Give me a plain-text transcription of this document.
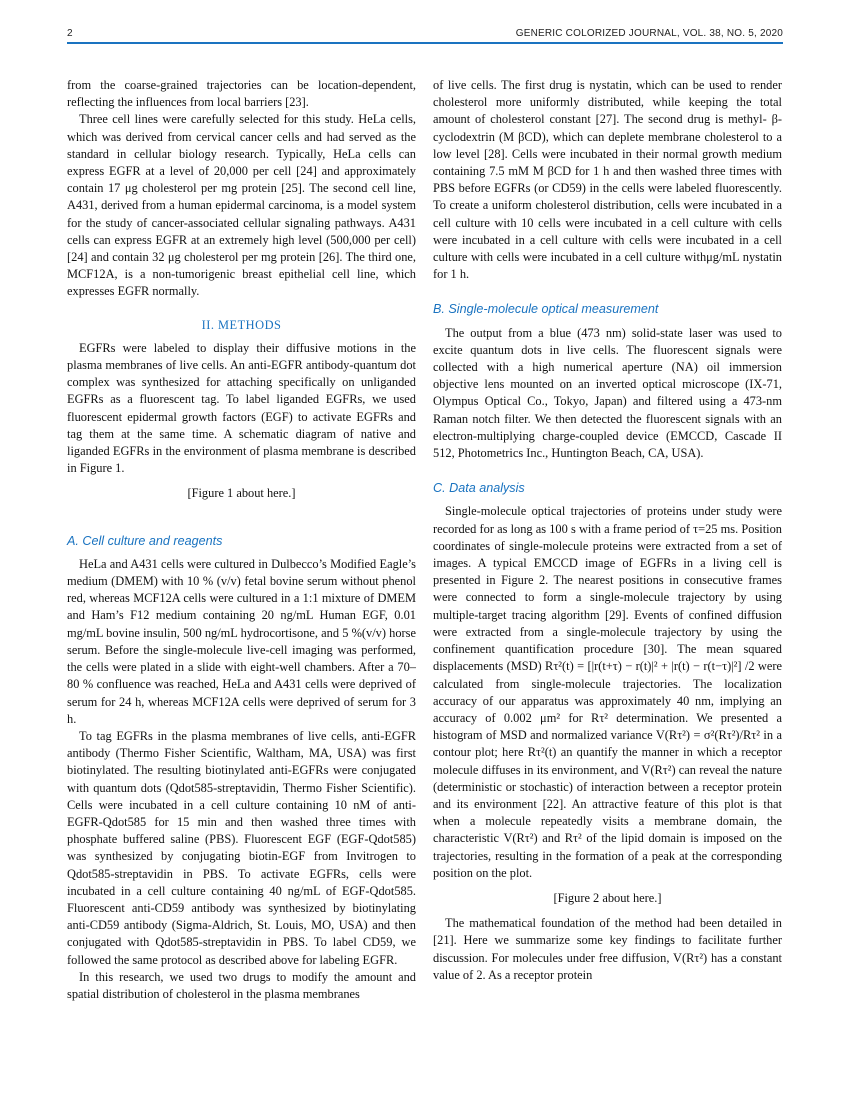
2	GENERIC COLORIZED JOURNAL, VOL. 38, NO. 5, 2020

from the coarse-grained trajectories can be location-dependent, reflecting the influences from local barriers [23].

Three cell lines were carefully selected for this study. HeLa cells, which was derived from cervical cancer cells and had served as the standard in cellular biology research. Typically, HeLa cells can express EGFR at a level of 20,000 per cell [24] and approximately contain 17 μg cholesterol per mg protein [25]. The second cell line, A431, derived from a human epidermal carcinoma, is a model system for the study of cancer-associated cellular signaling pathways. A431 cells can express EGFR at an extremely high level (500,000 per cell) [24] and contain 32 μg cholesterol per mg protein [26]. The third one, MCF12A, is a non-tumorigenic breast epithelial cell line, which expresses EGFR normally.

II. METHODS

EGFRs were labeled to display their diffusive motions in the plasma membranes of live cells. An anti-EGFR antibody-quantum dot complex was synthesized for attaching specifically on unliganded EGFRs as a fluorescent tag. To label liganded EGFRs, we used fluorescent epidermal growth factors (EGF) to activate EGFRs and tag them at the same time. A schematic diagram of native and liganded EGFRs in the environment of plasma membrane is described in Figure 1.

[Figure 1 about here.]
A. Cell culture and reagents

HeLa and A431 cells were cultured in Dulbecco’s Modified Eagle’s medium (DMEM) with 10 % (v/v) fetal bovine serum without phenol red, whereas MCF12A cells were cultured in a 1:1 mixture of DMEM and Ham’s F12 medium containing 20 ng/mL Human EGF, 0.01 mg/mL bovine insulin, 500 ng/mL hydrocortisone, and 5 %(v/v) horse serum. Before the single-molecule live-cell imaging was performed, the cells were plated in a slide with eight-well chambers. After a 70–80 % confluence was reached, HeLa and A431 cells were deprived of serum for 24 h, whereas MCF12A cells were deprived of serum for 3 h.

To tag EGFRs in the plasma membranes of live cells, anti-EGFR antibody (Thermo Fisher Scientific, Waltham, MA, USA) was first biotinylated. The resulting biotinylated anti-EGFRs were conjugated with quantum dots (Qdot585-streptavidin, Thermo Fisher Scientific). Cells were incubated in a cell culture containing 10 nM of anti-EGFR-Qdot585 for 15 min and then washed three times with phosphate buffered saline (PBS). Fluorescent EGF (EGF-Qdot585) was synthesized by conjugating biotin-EGF from Invitrogen to Qdot585-streptavidin in PBS. To activate EGFRs, cells were incubated in a cell culture containing 40 ng/mL of EGF-Qdot585. Fluorescent anti-CD59 antibody was synthesized by biotinylating anti-CD59 antibody (Sigma-Aldrich, St. Louis, MO, USA) and then conjugated with Qdot585-streptavidin in PBS. To label CD59, we followed the same protocol as described above for labeling EGFR.

In this research, we used two drugs to modify the amount and spatial distribution of cholesterol in the plasma membranes

of live cells. The first drug is nystatin, which can be used to render cholesterol more uniformly distributed, while keeping the total amount of cholesterol constant [27]. The second drug is methyl- β-cyclodextrin (M βCD), which can deplete membrane cholesterol to a low level [28]. Cells were incubated in their normal growth medium containing 7.5 mM M βCD for 1 h and then washed three times with PBS before EGFRs (or CD59) in the cells were labeled fluorescently. To create a uniform cholesterol distribution, cells were incubated in a cell culture with 10 cells were incubated in a cell culture with cells were incubated in a cell culture with cells were incubated in a cell culture with cells were incubated in a cell culture withμg/mL nystatin for 1 h.

B. Single-molecule optical measurement

The output from a blue (473 nm) solid-state laser was used to excite quantum dots in live cells. The fluorescent signals were collected with a high numerical aperture (NA) oil immersion objective lens mounted on an inverted optical microscope (IX-71, Olympus Optical Co., Tokyo, Japan) and filtered using a 473-nm Raman notch filter. We then detected the fluorescent signals with an electron-multiplying charge-coupled device (EMCCD, Cascade II 512, Photometrics Inc., Huntington Beach, CA, USA).

C. Data analysis

Single-molecule optical trajectories of proteins under study were recorded for as long as 100 s with a frame period of τ=25 ms. Position coordinates of single-molecule proteins were extracted from a set of images. A typical EMCCD image of EGFRs in a living cell is presented in Figure 2. The nearest positions in consecutive frames were connected to form a single-molecule trajectory by using multiple-target tracing algorithm [29]. Events of confined diffusion were extracted from a single-molecule trajectory by using the confinement quantification procedure [30]. The mean squared displacements (MSD) Rτ²(t) = [|r(t+τ) − r(t)|² + |r(t) − r(t−τ)|²] /2 were calculated from single-molecule trajectories. The localization accuracy of our apparatus was approximately 40 nm, implying an accuracy of 0.002 μm² for Rτ² determination. We presented a histogram of MSD and normalized variance V(Rτ²) = σ²(Rτ²)/Rτ² in a contour plot; here Rτ²(t) an quantify the manner in which a receptor molecule diffuses in its environment, and V(Rτ²) can reveal the nature (deterministic or stochastic) of interaction between a receptor protein and its environment [22]. An attractive feature of this plot is that when a molecule repeatedly visits a membrane domain, the characteristic V(Rτ²) and Rτ² of the lipid domain is imposed on the trajectories, resulting in the formation of a peak at the corresponding position on the plot.

[Figure 2 about here.]

The mathematical foundation of the method had been detailed in [21]. Here we summarize some key findings to facilitate further discussion. For molecules under free diffusion, V(Rτ²) has a constant value of 2. As a receptor protein
